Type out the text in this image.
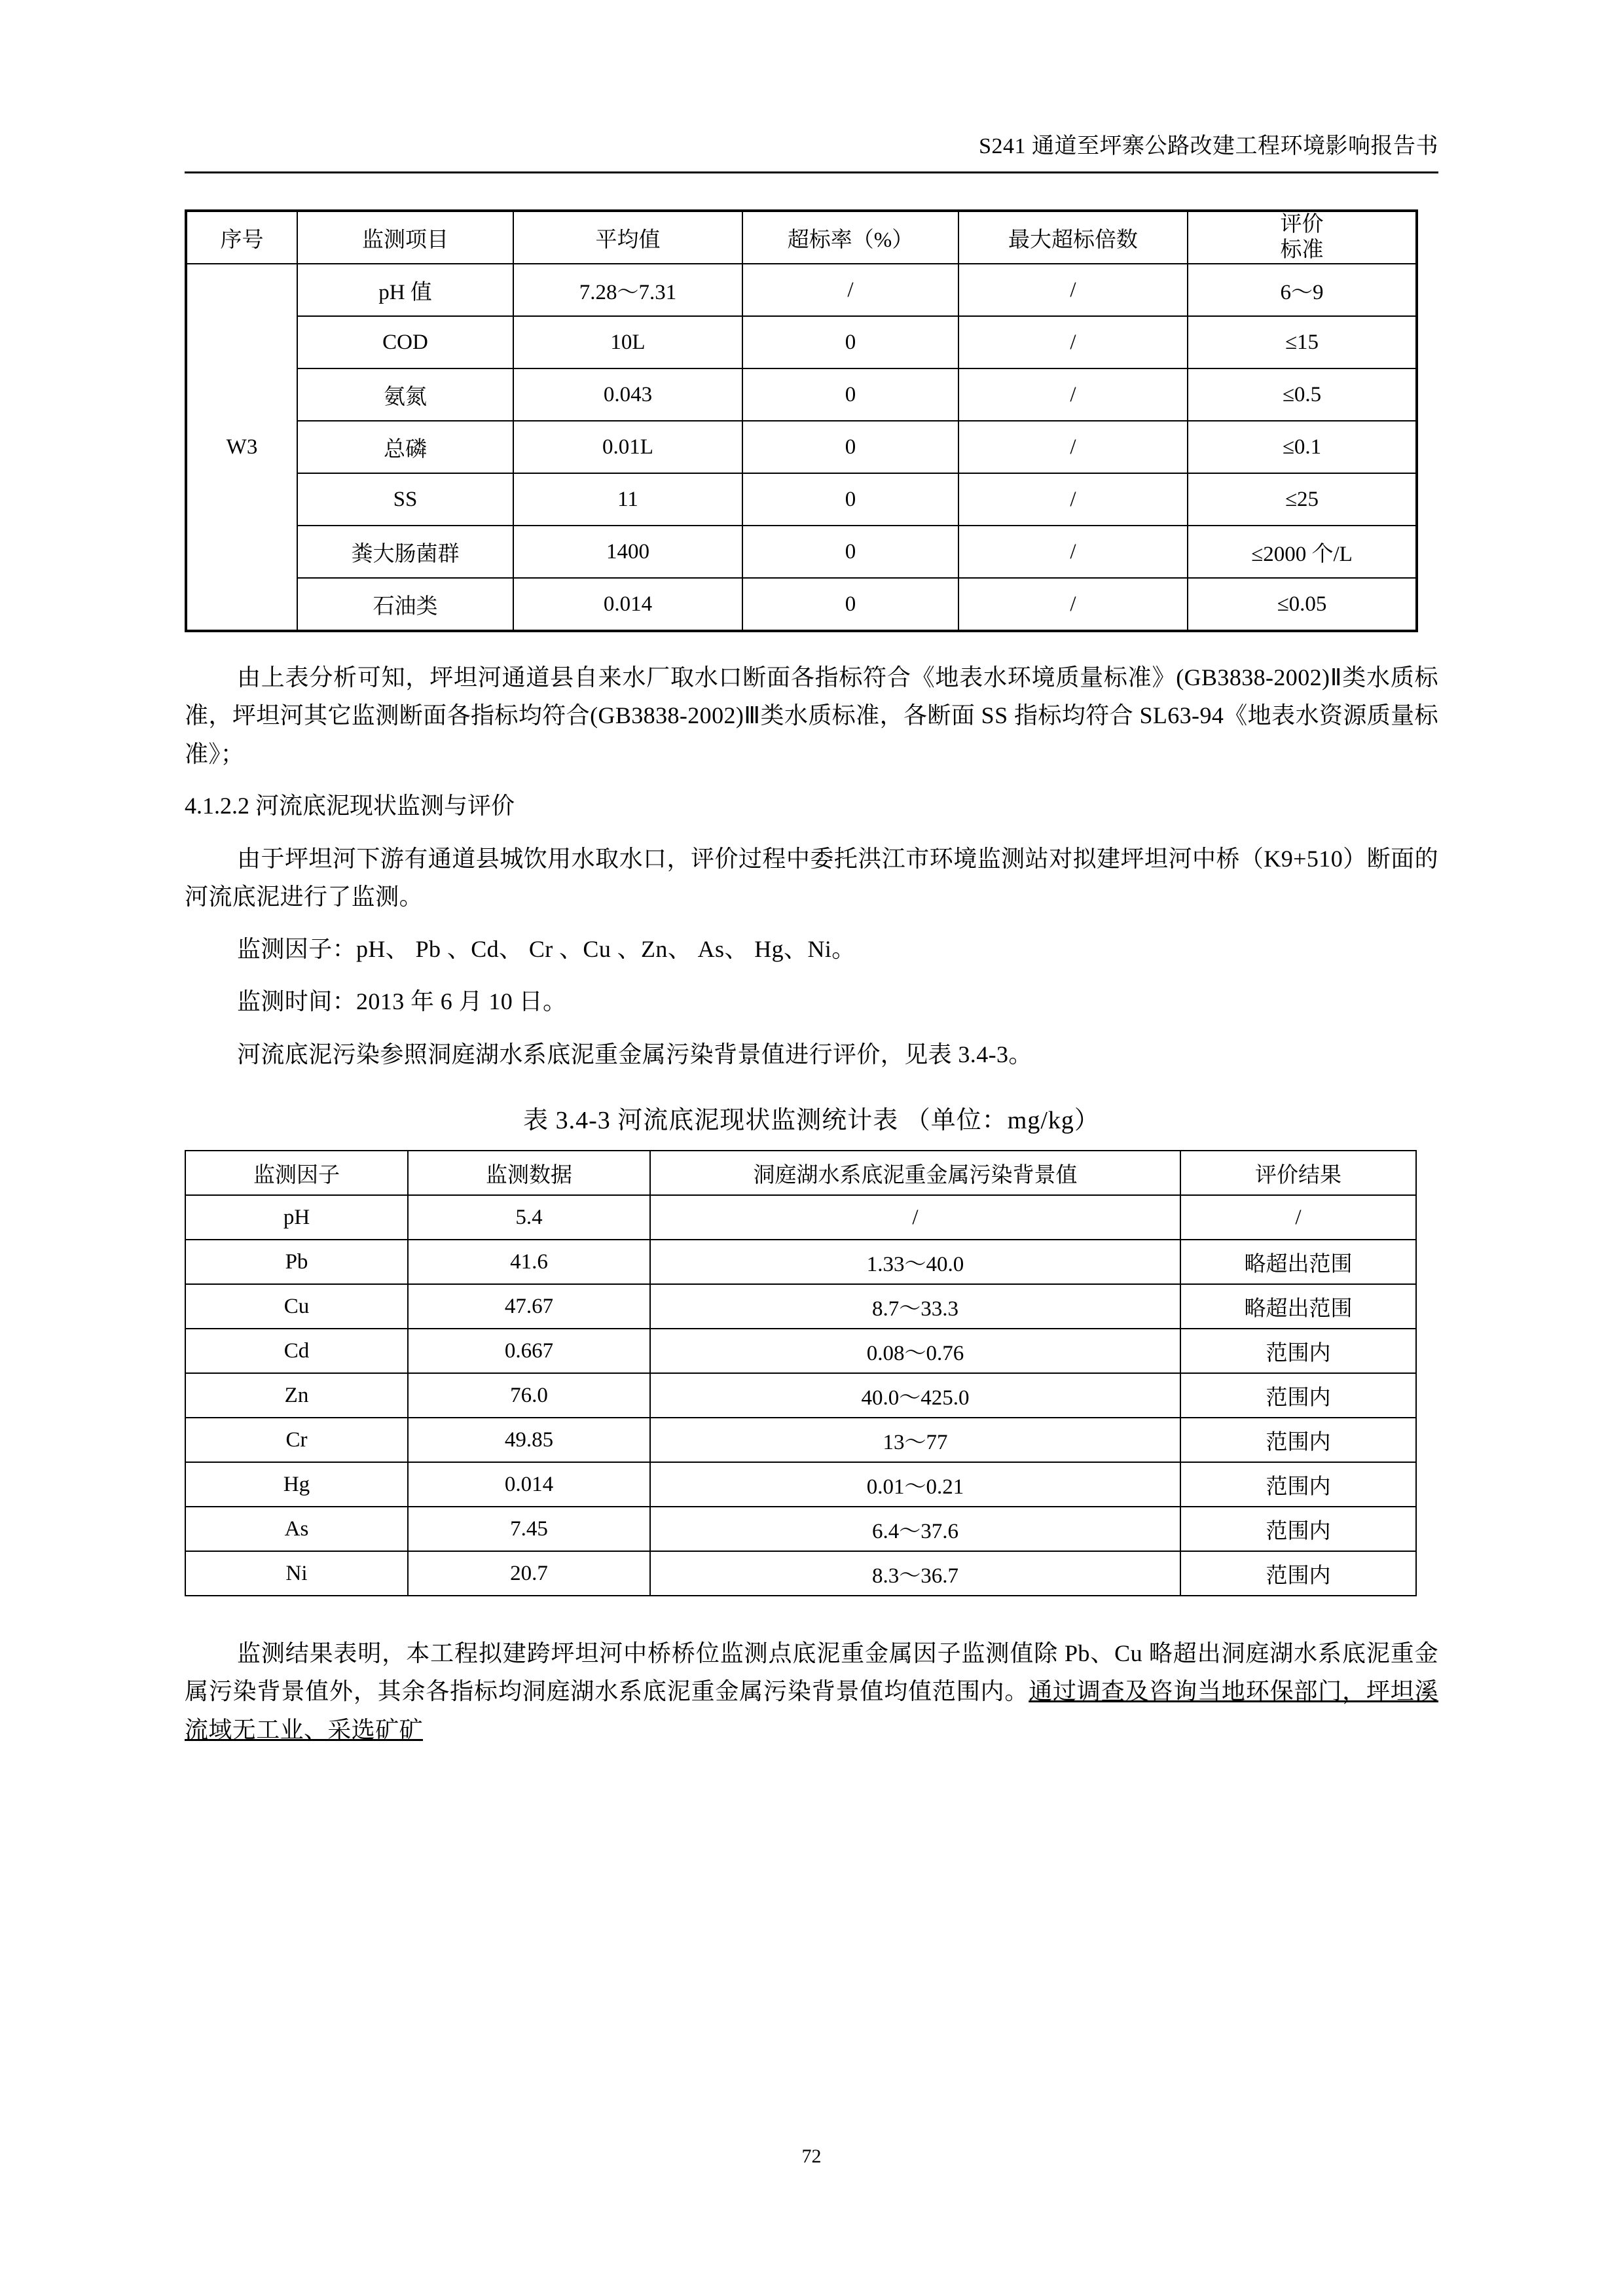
S241 通道至坪寨公路改建工程环境影响报告书
序号	监测项目	平均值	超标率（%）	最大超标倍数	评价
标准

W3	pH 值	7.28～7.31	/	/	6～9
	COD	10L	0	/	≤15
	氨氮	0.043	0	/	≤0.5
	总磷	0.01L	0	/	≤0.1
	SS	11	0	/	≤25
	粪大肠菌群	1400	0	/	≤2000 个/L
	石油类	0.014	0	/	≤0.05

由上表分析可知，坪坦河通道县自来水厂取水口断面各指标符合《地表水环境质量标准》(GB3838-2002)Ⅱ类水质标准，坪坦河其它监测断面各指标均符合(GB3838-2002)Ⅲ类水质标准，各断面 SS 指标均符合 SL63-94《地表水资源质量标准》；

4.1.2.2 河流底泥现状监测与评价

由于坪坦河下游有通道县城饮用水取水口，评价过程中委托洪江市环境监测站对拟建坪坦河中桥（K9+510）断面的河流底泥进行了监测。

监测因子：pH、 Pb 、Cd、 Cr 、Cu 、Zn、 As、 Hg、Ni。

监测时间：2013 年 6 月 10 日。

河流底泥污染参照洞庭湖水系底泥重金属污染背景值进行评价，见表 3.4-3。

表 3.4-3 河流底泥现状监测统计表 （单位：mg/kg）

监测因子	监测数据	洞庭湖水系底泥重金属污染背景值	评价结果
pH	5.4	/	/
Pb	41.6	1.33～40.0	略超出范围
Cu	47.67	8.7～33.3	略超出范围
Cd	0.667	0.08～0.76	范围内
Zn	76.0	40.0～425.0	范围内
Cr	49.85	13～77	范围内
Hg	0.014	0.01～0.21	范围内
As	7.45	6.4～37.6	范围内
Ni	20.7	8.3～36.7	范围内

监测结果表明，本工程拟建跨坪坦河中桥桥位监测点底泥重金属因子监测值除 Pb、Cu 略超出洞庭湖水系底泥重金属污染背景值外，其余各指标均洞庭湖水系底泥重金属污染背景值均值范围内。通过调查及咨询当地环保部门，坪坦溪流域无工业、采选矿矿

72
